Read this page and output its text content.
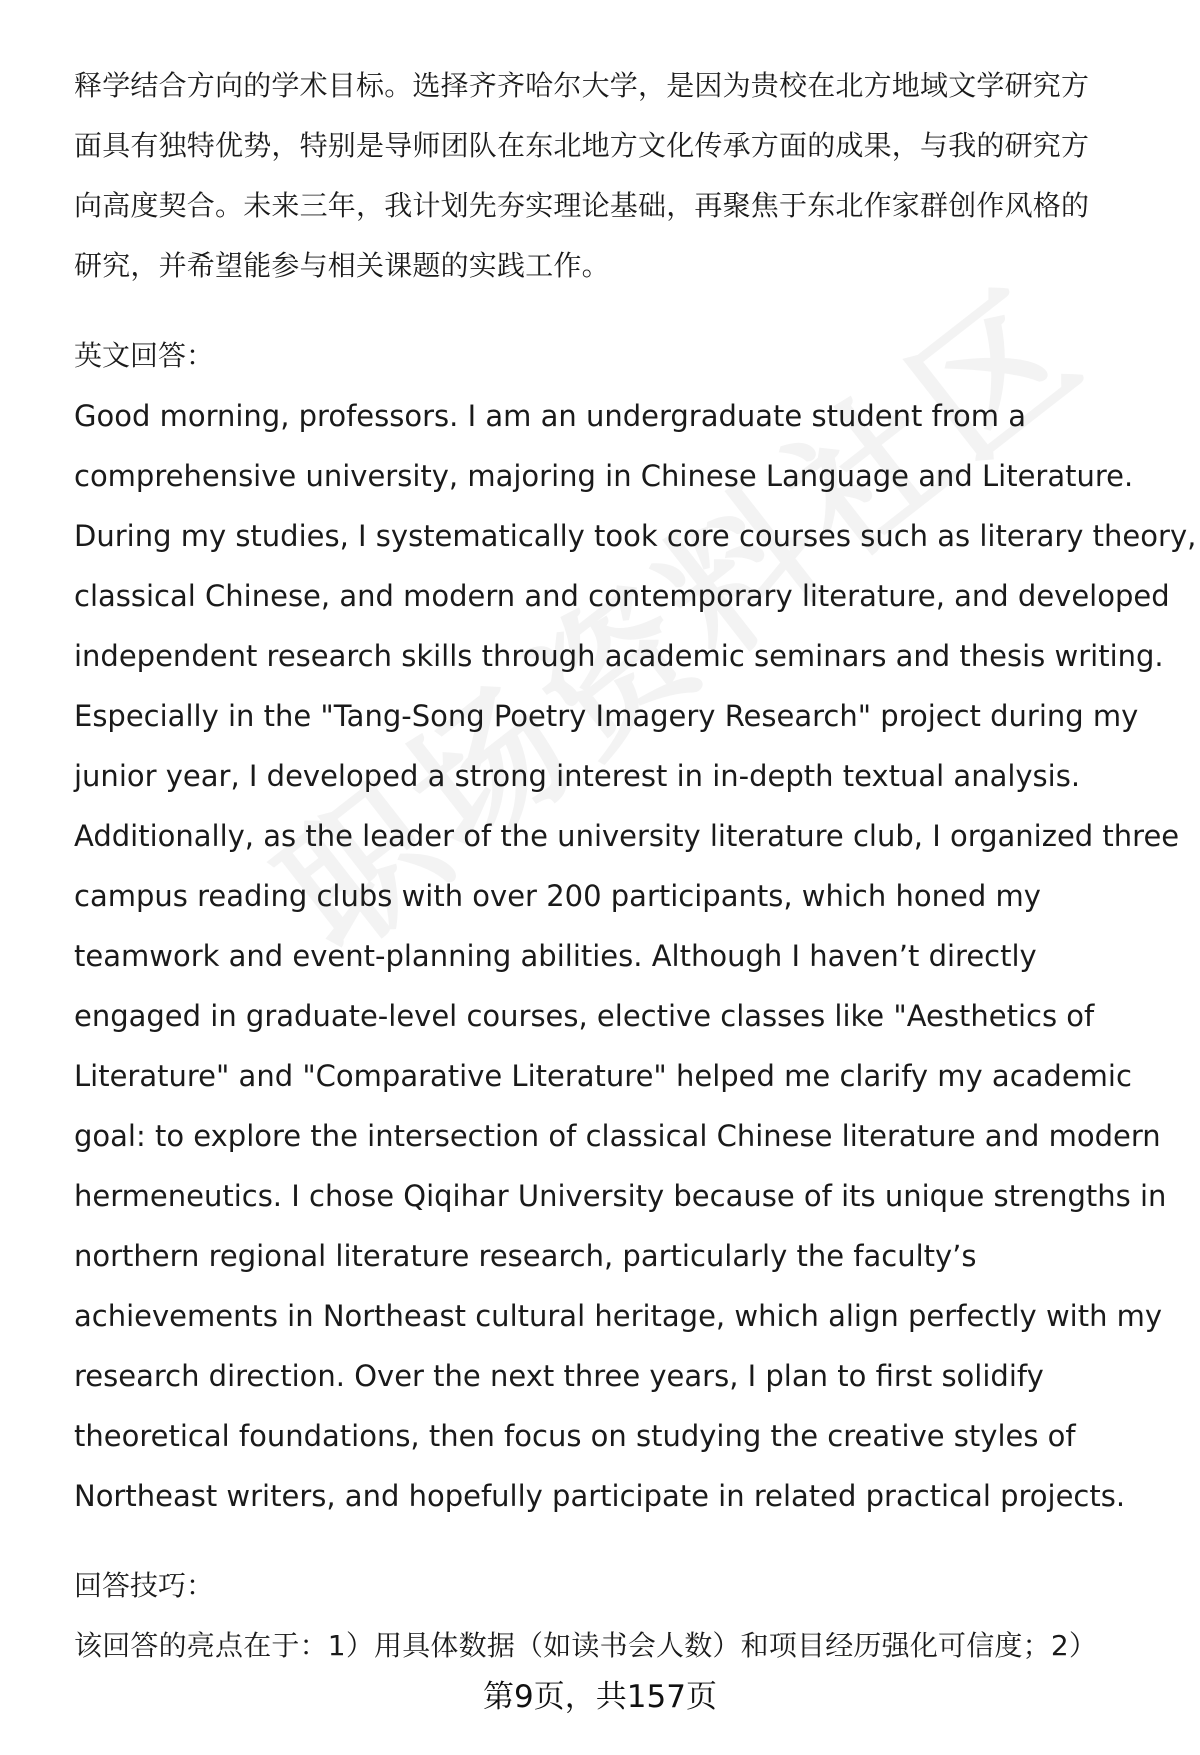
释学结合方向的学术目标。选择齐齐哈尔大学，是因为贵校在北方地域文学研究方
面具有独特优势，特别是导师团队在东北地方文化传承方面的成果，与我的研究方
向高度契合。未来三年，我计划先夯实理论基础，再聚焦于东北作家群创作风格的
研究，并希望能参与相关课题的实践工作。
英文回答：
Good morning, professors. I am an undergraduate student from a
comprehensive university, majoring in Chinese Language and Literature.
During my studies, I systematically took core courses such as literary theory,
classical Chinese, and modern and contemporary literature, and developed
independent research skills through academic seminars and thesis writing.
Especially in the "Tang-Song Poetry Imagery Research" project during my
junior year, I developed a strong interest in in-depth textual analysis.
Additionally, as the leader of the university literature club, I organized three
campus reading clubs with over 200 participants, which honed my
teamwork and event-planning abilities. Although I haven’t directly
engaged in graduate-level courses, elective classes like "Aesthetics of
Literature" and "Comparative Literature" helped me clarify my academic
goal: to explore the intersection of classical Chinese literature and modern
hermeneutics. I chose Qiqihar University because of its unique strengths in
northern regional literature research, particularly the faculty’s
achievements in Northeast cultural heritage, which align perfectly with my
research direction. Over the next three years, I plan to first solidify
theoretical foundations, then focus on studying the creative styles of
Northeast writers, and hopefully participate in related practical projects.
回答技巧：
该回答的亮点在于：1）用具体数据（如读书会人数）和项目经历强化可信度；2）
第9页，共157页
